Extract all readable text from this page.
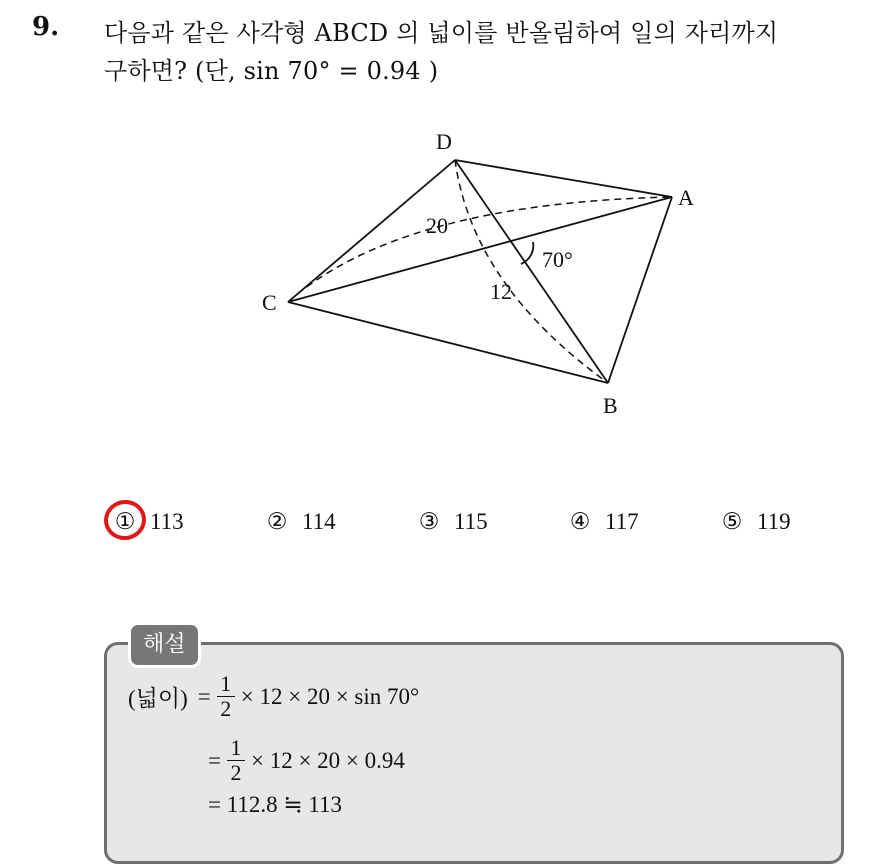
9. 다음과 같은 사각형 ABCD 의 넓이를 반올림하여 일의 자리까지
구하면? (단, sin 70° = 0.94 )
D
A
C
B
20
12
70°
① 113	② 114	③ 115	④ 117	⑤ 119
해설
(넓이) = $\frac{1}{2} \times 12 \times 20 \times \sin 70^\circ$
= $\frac{1}{2} \times 12 \times 20 \times 0.94$
= 112.8 ≒ 113
